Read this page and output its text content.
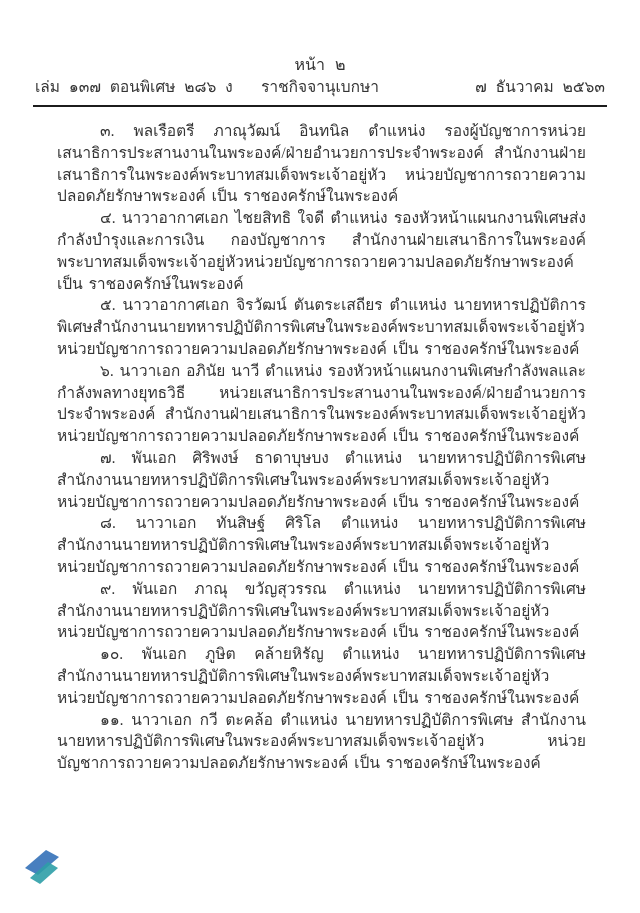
หน้า ๒
เล่ม ๑๓๗ ตอนพิเศษ ๒๘๖ ง ราชกิจจานุเบกษา	๗ ธันวาคม ๒๕๖๓

๓. พลเรือตรี ภาณุวัฒน์ อินทนิล ตำแหน่ง รองผู้บัญชาการหน่วยเสนาธิการ​ประสานงานในพระองค์/ฝ่ายอำนวยการประจำพระองค์ สำนักงานฝ่ายเสนาธิการในพระองค์​พระบาทสมเด็จพระเจ้าอยู่หัว หน่วยบัญชาการถวายความปลอดภัยรักษาพระองค์ เป็น ราชองครักษ์ในพระองค์

๔. นาวาอากาศเอก ไชยสิทธิ ใจดี ตำแหน่ง รองหัวหน้าแผนกงานพิเศษส่งกำลังบำรุง​และการเงิน กองบัญชาการ สำนักงานฝ่ายเสนาธิการในพระองค์พระบาทสมเด็จพระเจ้าอยู่หัว​หน่วยบัญชาการถวายความปลอดภัยรักษาพระองค์ เป็น ราชองครักษ์ในพระองค์

๕. นาวาอากาศเอก จิรวัฒน์ ตันตระเสถียร ตำแหน่ง นายทหารปฏิบัติการพิเศษ​สำนักงานนายทหารปฏิบัติการพิเศษในพระองค์พระบาทสมเด็จพระเจ้าอยู่หัว หน่วยบัญชาการ​ถวายความปลอดภัยรักษาพระองค์ เป็น ราชองครักษ์ในพระองค์

๖. นาวาเอก อภินัย นาวี ตำแหน่ง รองหัวหน้าแผนกงานพิเศษกำลังพลและกำลังพล​ทางยุทธวิธี หน่วยเสนาธิการประสานงานในพระองค์/ฝ่ายอำนวยการประจำพระองค์ สำนักงาน​ฝ่ายเสนาธิการในพระองค์พระบาทสมเด็จพระเจ้าอยู่หัว หน่วยบัญชาการถวายความปลอดภัย​รักษาพระองค์ เป็น ราชองครักษ์ในพระองค์

๗. พันเอก ศิริพงษ์ ธาดาบุษบง ตำแหน่ง นายทหารปฏิบัติการพิเศษ สำนักงาน​นายทหารปฏิบัติการพิเศษในพระองค์พระบาทสมเด็จพระเจ้าอยู่หัว หน่วยบัญชาการถวายความปลอดภัย​รักษาพระองค์ เป็น ราชองครักษ์ในพระองค์

๘. นาวาเอก ทันสิษฐ์ ศิริโล ตำแหน่ง นายทหารปฏิบัติการพิเศษ สำนักงาน​นายทหารปฏิบัติการพิเศษในพระองค์พระบาทสมเด็จพระเจ้าอยู่หัว หน่วยบัญชาการถวายความปลอดภัย​รักษาพระองค์ เป็น ราชองครักษ์ในพระองค์

๙. พันเอก ภาณุ ขวัญสุวรรณ ตำแหน่ง นายทหารปฏิบัติการพิเศษ สำนักงาน​นายทหารปฏิบัติการพิเศษในพระองค์พระบาทสมเด็จพระเจ้าอยู่หัว หน่วยบัญชาการถวายความปลอดภัย​รักษาพระองค์ เป็น ราชองครักษ์ในพระองค์

๑๐. พันเอก ภูษิต คล้ายหิรัญ ตำแหน่ง นายทหารปฏิบัติการพิเศษ สำนักงาน​นายทหารปฏิบัติการพิเศษในพระองค์พระบาทสมเด็จพระเจ้าอยู่หัว หน่วยบัญชาการถวายความปลอดภัย​รักษาพระองค์ เป็น ราชองครักษ์ในพระองค์

๑๑. นาวาเอก กวี ตะคล้อ ตำแหน่ง นายทหารปฏิบัติการพิเศษ สำนักงาน​นายทหารปฏิบัติการพิเศษในพระองค์พระบาทสมเด็จพระเจ้าอยู่หัว หน่วยบัญชาการถวายความปลอดภัย​รักษาพระองค์ เป็น ราชองครักษ์ในพระองค์
